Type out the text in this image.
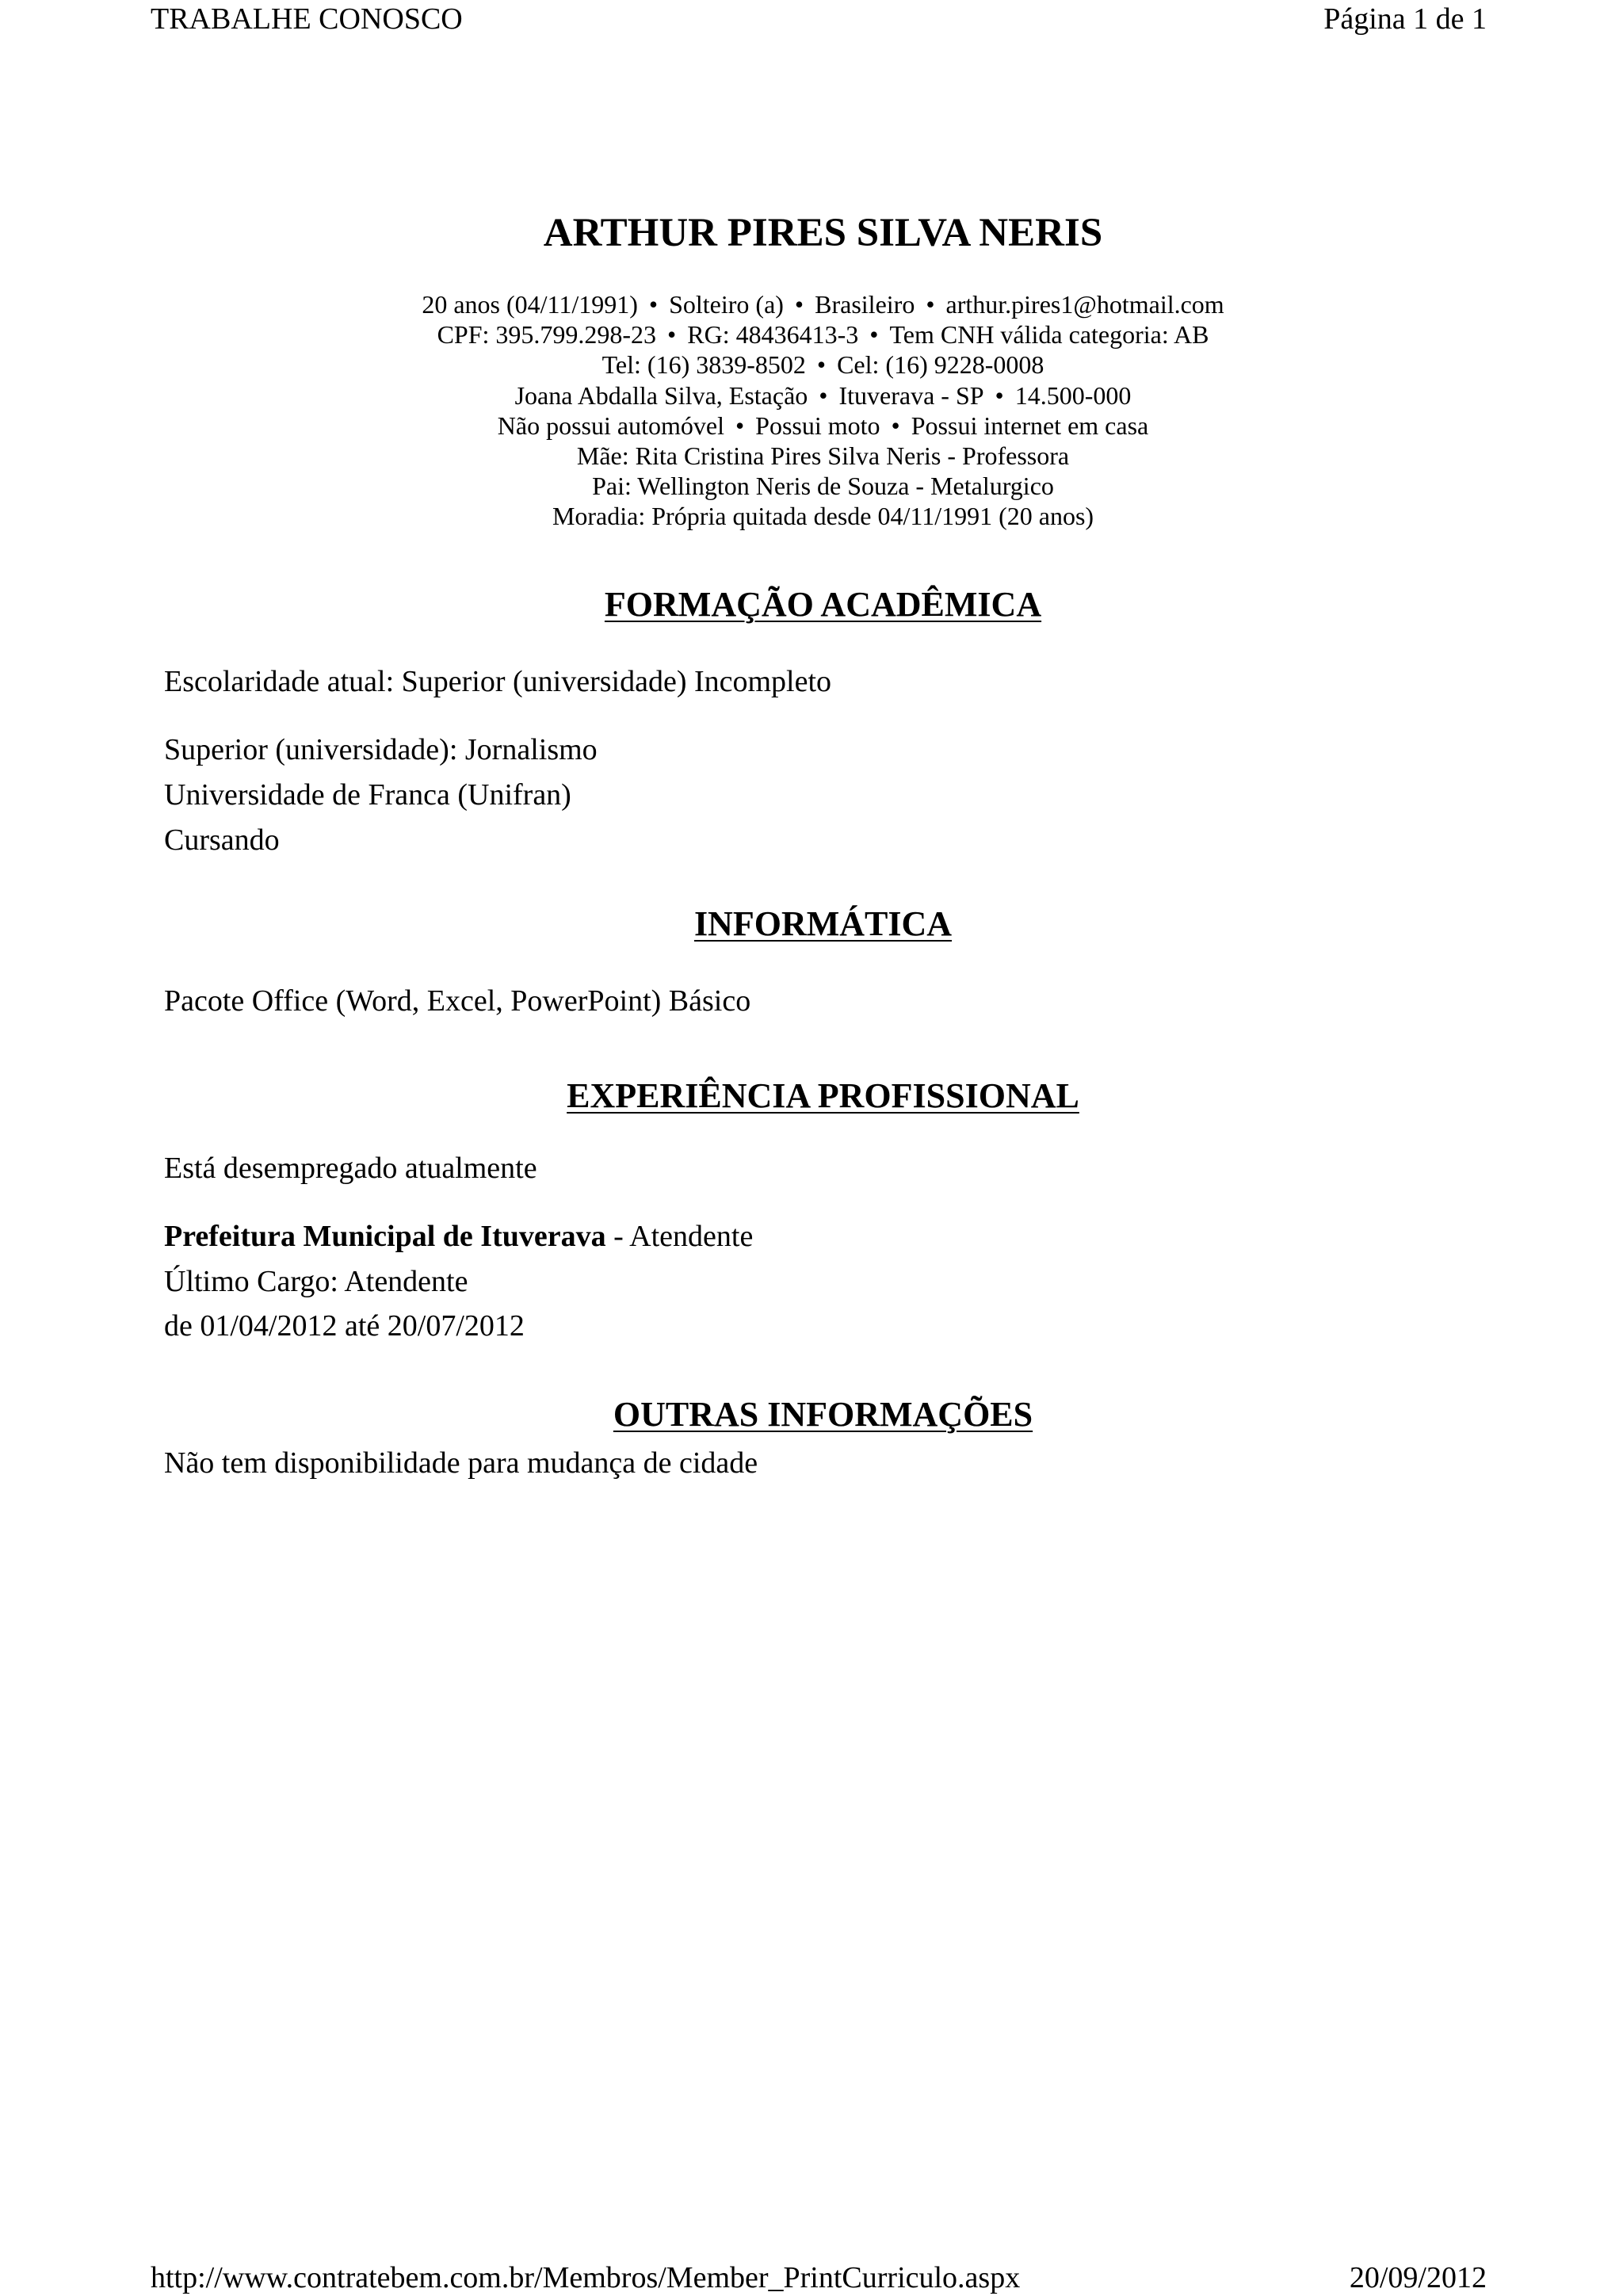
TRABALHE CONOSCO	Página 1 de 1
ARTHUR PIRES SILVA NERIS
20 anos (04/11/1991) • Solteiro (a) • Brasileiro • arthur.pires1@hotmail.com
CPF: 395.799.298-23 • RG: 48436413-3 • Tem CNH válida categoria: AB
Tel: (16) 3839-8502 • Cel: (16) 9228-0008
Joana Abdalla Silva, Estação • Ituverava - SP • 14.500-000
Não possui automóvel • Possui moto • Possui internet em casa
Mãe: Rita Cristina Pires Silva Neris - Professora
Pai: Wellington Neris de Souza - Metalurgico
Moradia: Própria quitada desde 04/11/1991 (20 anos)
FORMAÇÃO ACADÊMICA
Escolaridade atual: Superior (universidade) Incompleto
Superior (universidade): Jornalismo
Universidade de Franca (Unifran)
Cursando
INFORMÁTICA
Pacote Office (Word, Excel, PowerPoint) Básico
EXPERIÊNCIA PROFISSIONAL
Está desempregado atualmente
Prefeitura Municipal de Ituverava - Atendente
Último Cargo: Atendente
de 01/04/2012 até 20/07/2012
OUTRAS INFORMAÇÕES
Não tem disponibilidade para mudança de cidade
http://www.contratebem.com.br/Membros/Member_PrintCurriculo.aspx	20/09/2012
